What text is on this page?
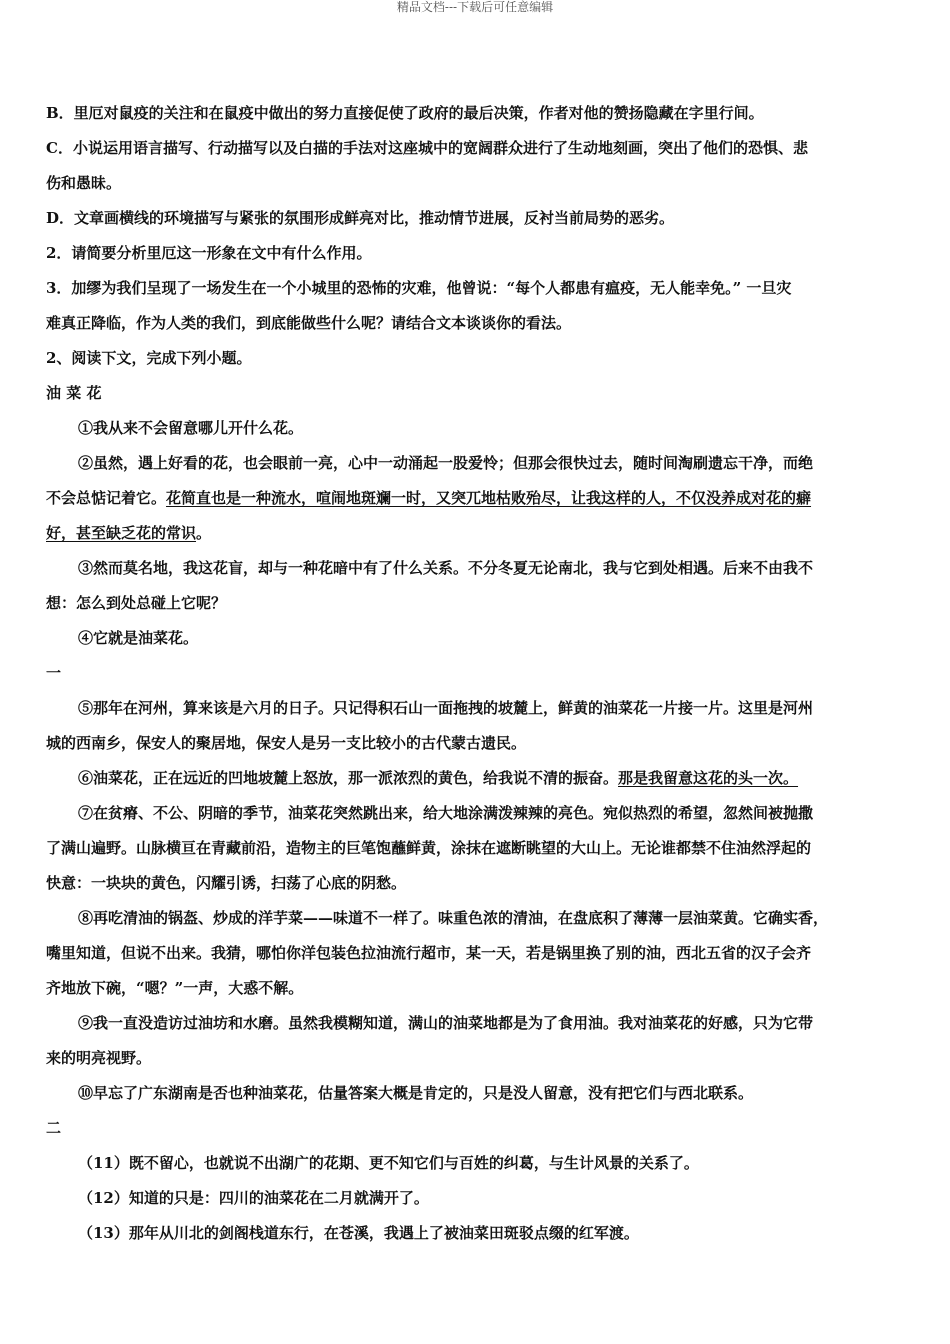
精品文档---下载后可任意编辑
B．里厄对鼠疫的关注和在鼠疫中做出的努力直接促使了政府的最后决策，作者对他的赞扬隐藏在字里行间。
C．小说运用语言描写、行动描写以及白描的手法对这座城中的宽阔群众进行了生动地刻画，突出了他们的恐惧、悲
伤和愚昧。
D．文章画横线的环境描写与紧张的氛围形成鲜亮对比，推动情节进展，反衬当前局势的恶劣。
2．请简要分析里厄这一形象在文中有什么作用。
3．加缪为我们呈现了一场发生在一个小城里的恐怖的灾难，他曾说：“每个人都患有瘟疫，无人能幸免。” 一旦灾
难真正降临，作为人类的我们，到底能做些什么呢？请结合文本谈谈你的看法。
2、阅读下文，完成下列小题。
油 菜 花
①我从来不会留意哪儿开什么花。
②虽然，遇上好看的花，也会眼前一亮，心中一动涌起一股爱怜；但那会很快过去，随时间淘刷遗忘干净，而绝
不会总惦记着它。花简直也是一种流水，喧闹地斑斓一时，又突兀地枯败殆尽，让我这样的人，不仅没养成对花的癖
好，甚至缺乏花的常识。
③然而莫名地，我这花盲，却与一种花暗中有了什么关系。不分冬夏无论南北，我与它到处相遇。后来不由我不
想：怎么到处总碰上它呢？
④它就是油菜花。
一
⑤那年在河州，算来该是六月的日子。只记得积石山一面拖拽的坡麓上，鲜黄的油菜花一片接一片。这里是河州
城的西南乡，保安人的聚居地，保安人是另一支比较小的古代蒙古遗民。
⑥油菜花，正在远近的凹地坡麓上怒放，那一派浓烈的黄色，给我说不清的振奋。那是我留意这花的头一次。
⑦在贫瘠、不公、阴暗的季节，油菜花突然跳出来，给大地涂满泼辣辣的亮色。宛似热烈的希望，忽然间被抛撒
了满山遍野。山脉横亘在青藏前沿，造物主的巨笔饱蘸鲜黄，涂抹在遮断眺望的大山上。无论谁都禁不住油然浮起的
快意：一块块的黄色，闪耀引诱，扫荡了心底的阴愁。
⑧再吃清油的锅盔、炒成的洋芋菜——味道不一样了。味重色浓的清油，在盘底积了薄薄一层油菜黄。它确实香，
嘴里知道，但说不出来。我猜，哪怕你洋包装色拉油流行超市，某一天，若是锅里换了别的油，西北五省的汉子会齐
齐地放下碗，“嗯？”一声，大惑不解。
⑨我一直没造访过油坊和水磨。虽然我模糊知道，满山的油菜地都是为了食用油。我对油菜花的好感，只为它带
来的明亮视野。
⑩早忘了广东湖南是否也种油菜花，估量答案大概是肯定的，只是没人留意，没有把它们与西北联系。
二
（11）既不留心，也就说不出湖广的花期、更不知它们与百姓的纠葛，与生计风景的关系了。
（12）知道的只是：四川的油菜花在二月就满开了。
（13）那年从川北的剑阁栈道东行，在苍溪，我遇上了被油菜田斑驳点缀的红军渡。
